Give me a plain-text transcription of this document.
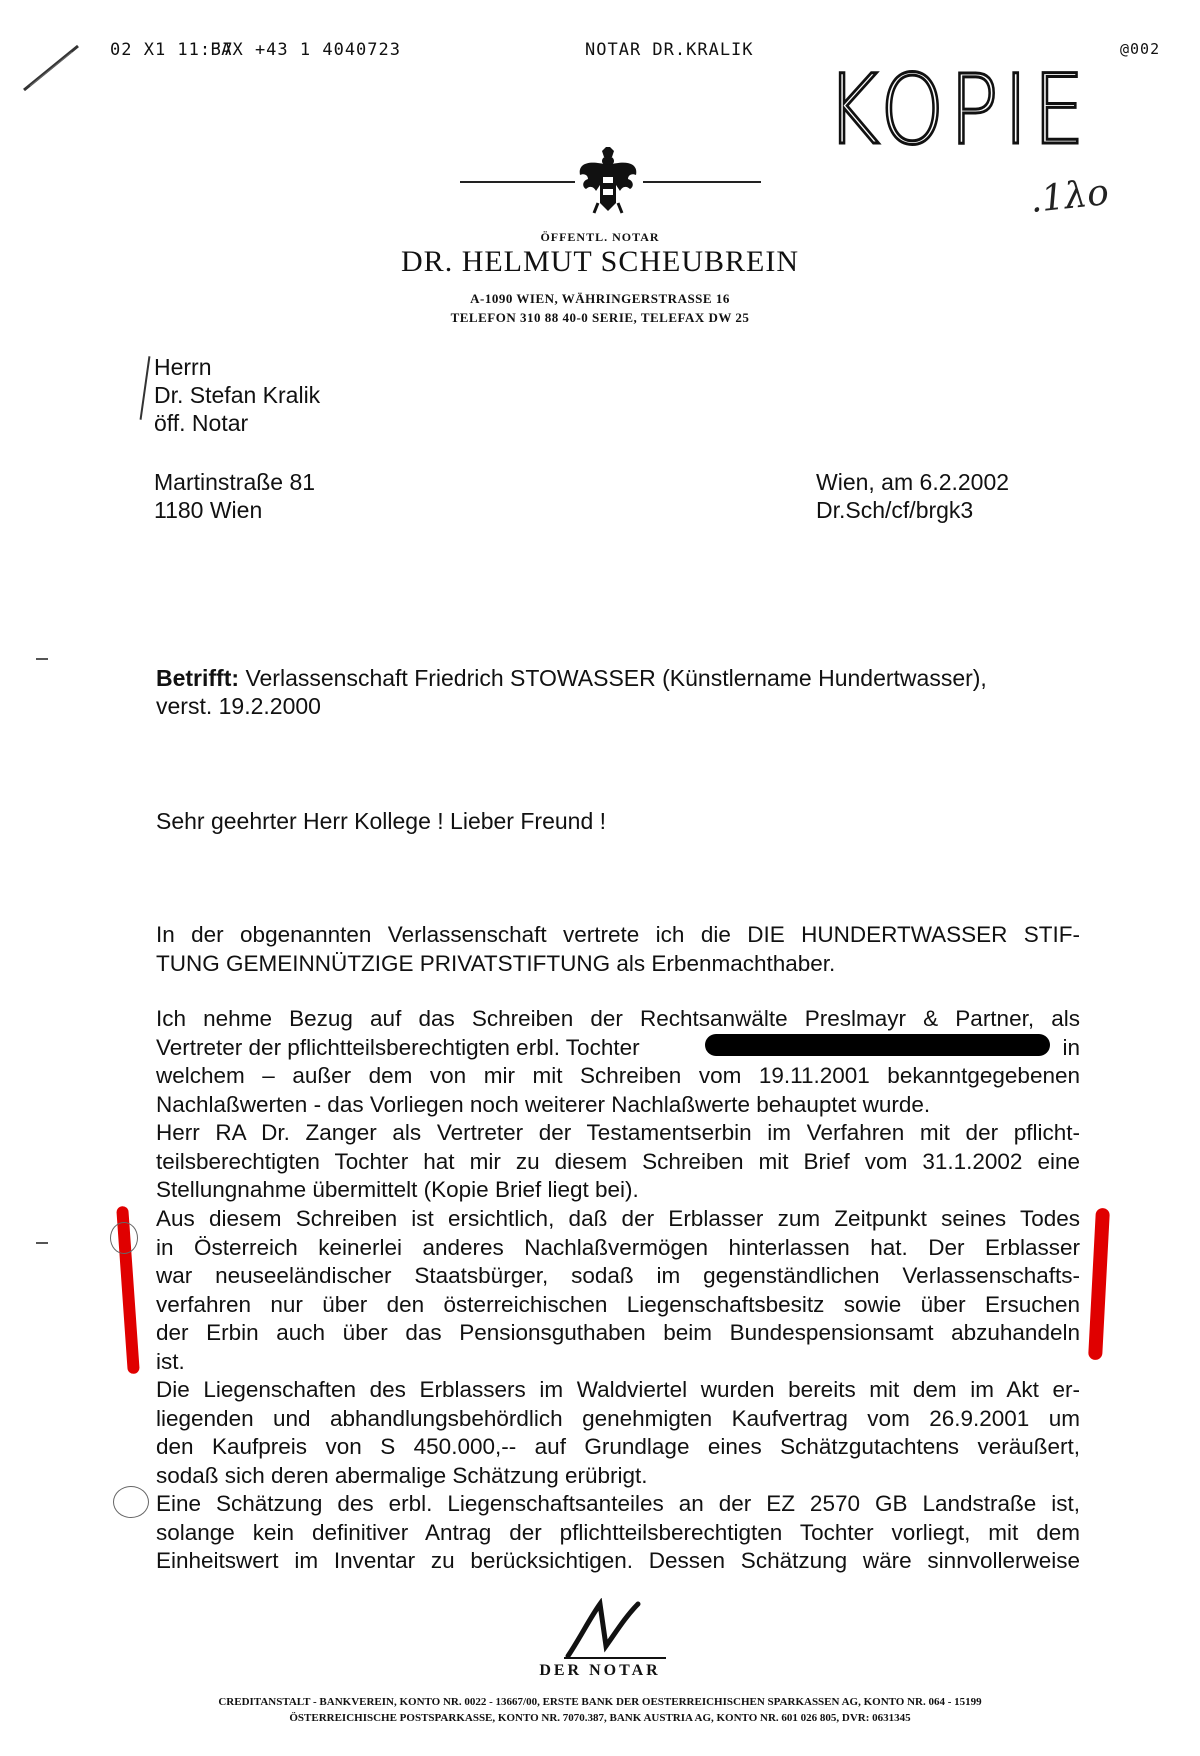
02 X1 11:37
FAX +43 1 4040723	NOTAR DR.KRALIK	@002
KOPIE
.1λo
ÖFFENTL. NOTAR
DR. HELMUT SCHEUBREIN
A-1090 WIEN, WÄHRINGERSTRASSE 16
TELEFON 310 88 40-0 SERIE, TELEFAX DW 25
Herrn
Dr. Stefan Kralik
öff. Notar
Martinstraße 81
1180 Wien
Wien, am 6.2.2002
Dr.Sch/cf/brgk3
Betrifft: Verlassenschaft Friedrich STOWASSER (Künstlername Hundertwasser),
verst. 19.2.2000
Sehr geehrter Herr Kollege ! Lieber Freund !
In der obgenannten Verlassenschaft vertrete ich die DIE HUNDERTWASSER STIF-
TUNG GEMEINNÜTZIGE PRIVATSTIFTUNG als Erbenmachthaber.
Ich nehme Bezug auf das Schreiben der Rechtsanwälte Preslmayr & Partner, als
Vertreter der pflichtteilsberechtigten erbl. Tochter	in
welchem – außer dem von mir mit Schreiben vom 19.11.2001 bekanntgegebenen
Nachlaßwerten - das Vorliegen noch weiterer Nachlaßwerte behauptet wurde.
Herr RA Dr. Zanger als Vertreter der Testamentserbin im Verfahren mit der pflicht-
teilsberechtigten Tochter hat mir zu diesem Schreiben mit Brief vom 31.1.2002 eine
Stellungnahme übermittelt (Kopie Brief liegt bei).
Aus diesem Schreiben ist ersichtlich, daß der Erblasser zum Zeitpunkt seines Todes
in Österreich keinerlei anderes Nachlaßvermögen hinterlassen hat. Der Erblasser
war neuseeländischer Staatsbürger, sodaß im gegenständlichen Verlassenschafts-
verfahren nur über den österreichischen Liegenschaftsbesitz sowie über Ersuchen
der Erbin auch über das Pensionsguthaben beim Bundespensionsamt abzuhandeln
ist.
Die Liegenschaften des Erblassers im Waldviertel wurden bereits mit dem im Akt er-
liegenden und abhandlungsbehördlich genehmigten Kaufvertrag vom 26.9.2001 um
den Kaufpreis von S 450.000,-- auf Grundlage eines Schätzgutachtens veräußert,
sodaß sich deren abermalige Schätzung erübrigt.
Eine Schätzung des erbl. Liegenschaftsanteiles an der EZ 2570 GB Landstraße ist,
solange kein definitiver Antrag der pflichtteilsberechtigten Tochter vorliegt, mit dem
Einheitswert im Inventar zu berücksichtigen. Dessen Schätzung wäre sinnvollerweise
DER NOTAR
CREDITANSTALT - BANKVEREIN, KONTO NR. 0022 - 13667/00, ERSTE BANK DER OESTERREICHISCHEN SPARKASSEN AG, KONTO NR. 064 - 15199
ÖSTERREICHISCHE POSTSPARKASSE, KONTO NR. 7070.387, BANK AUSTRIA AG, KONTO NR. 601 026 805, DVR: 0631345
